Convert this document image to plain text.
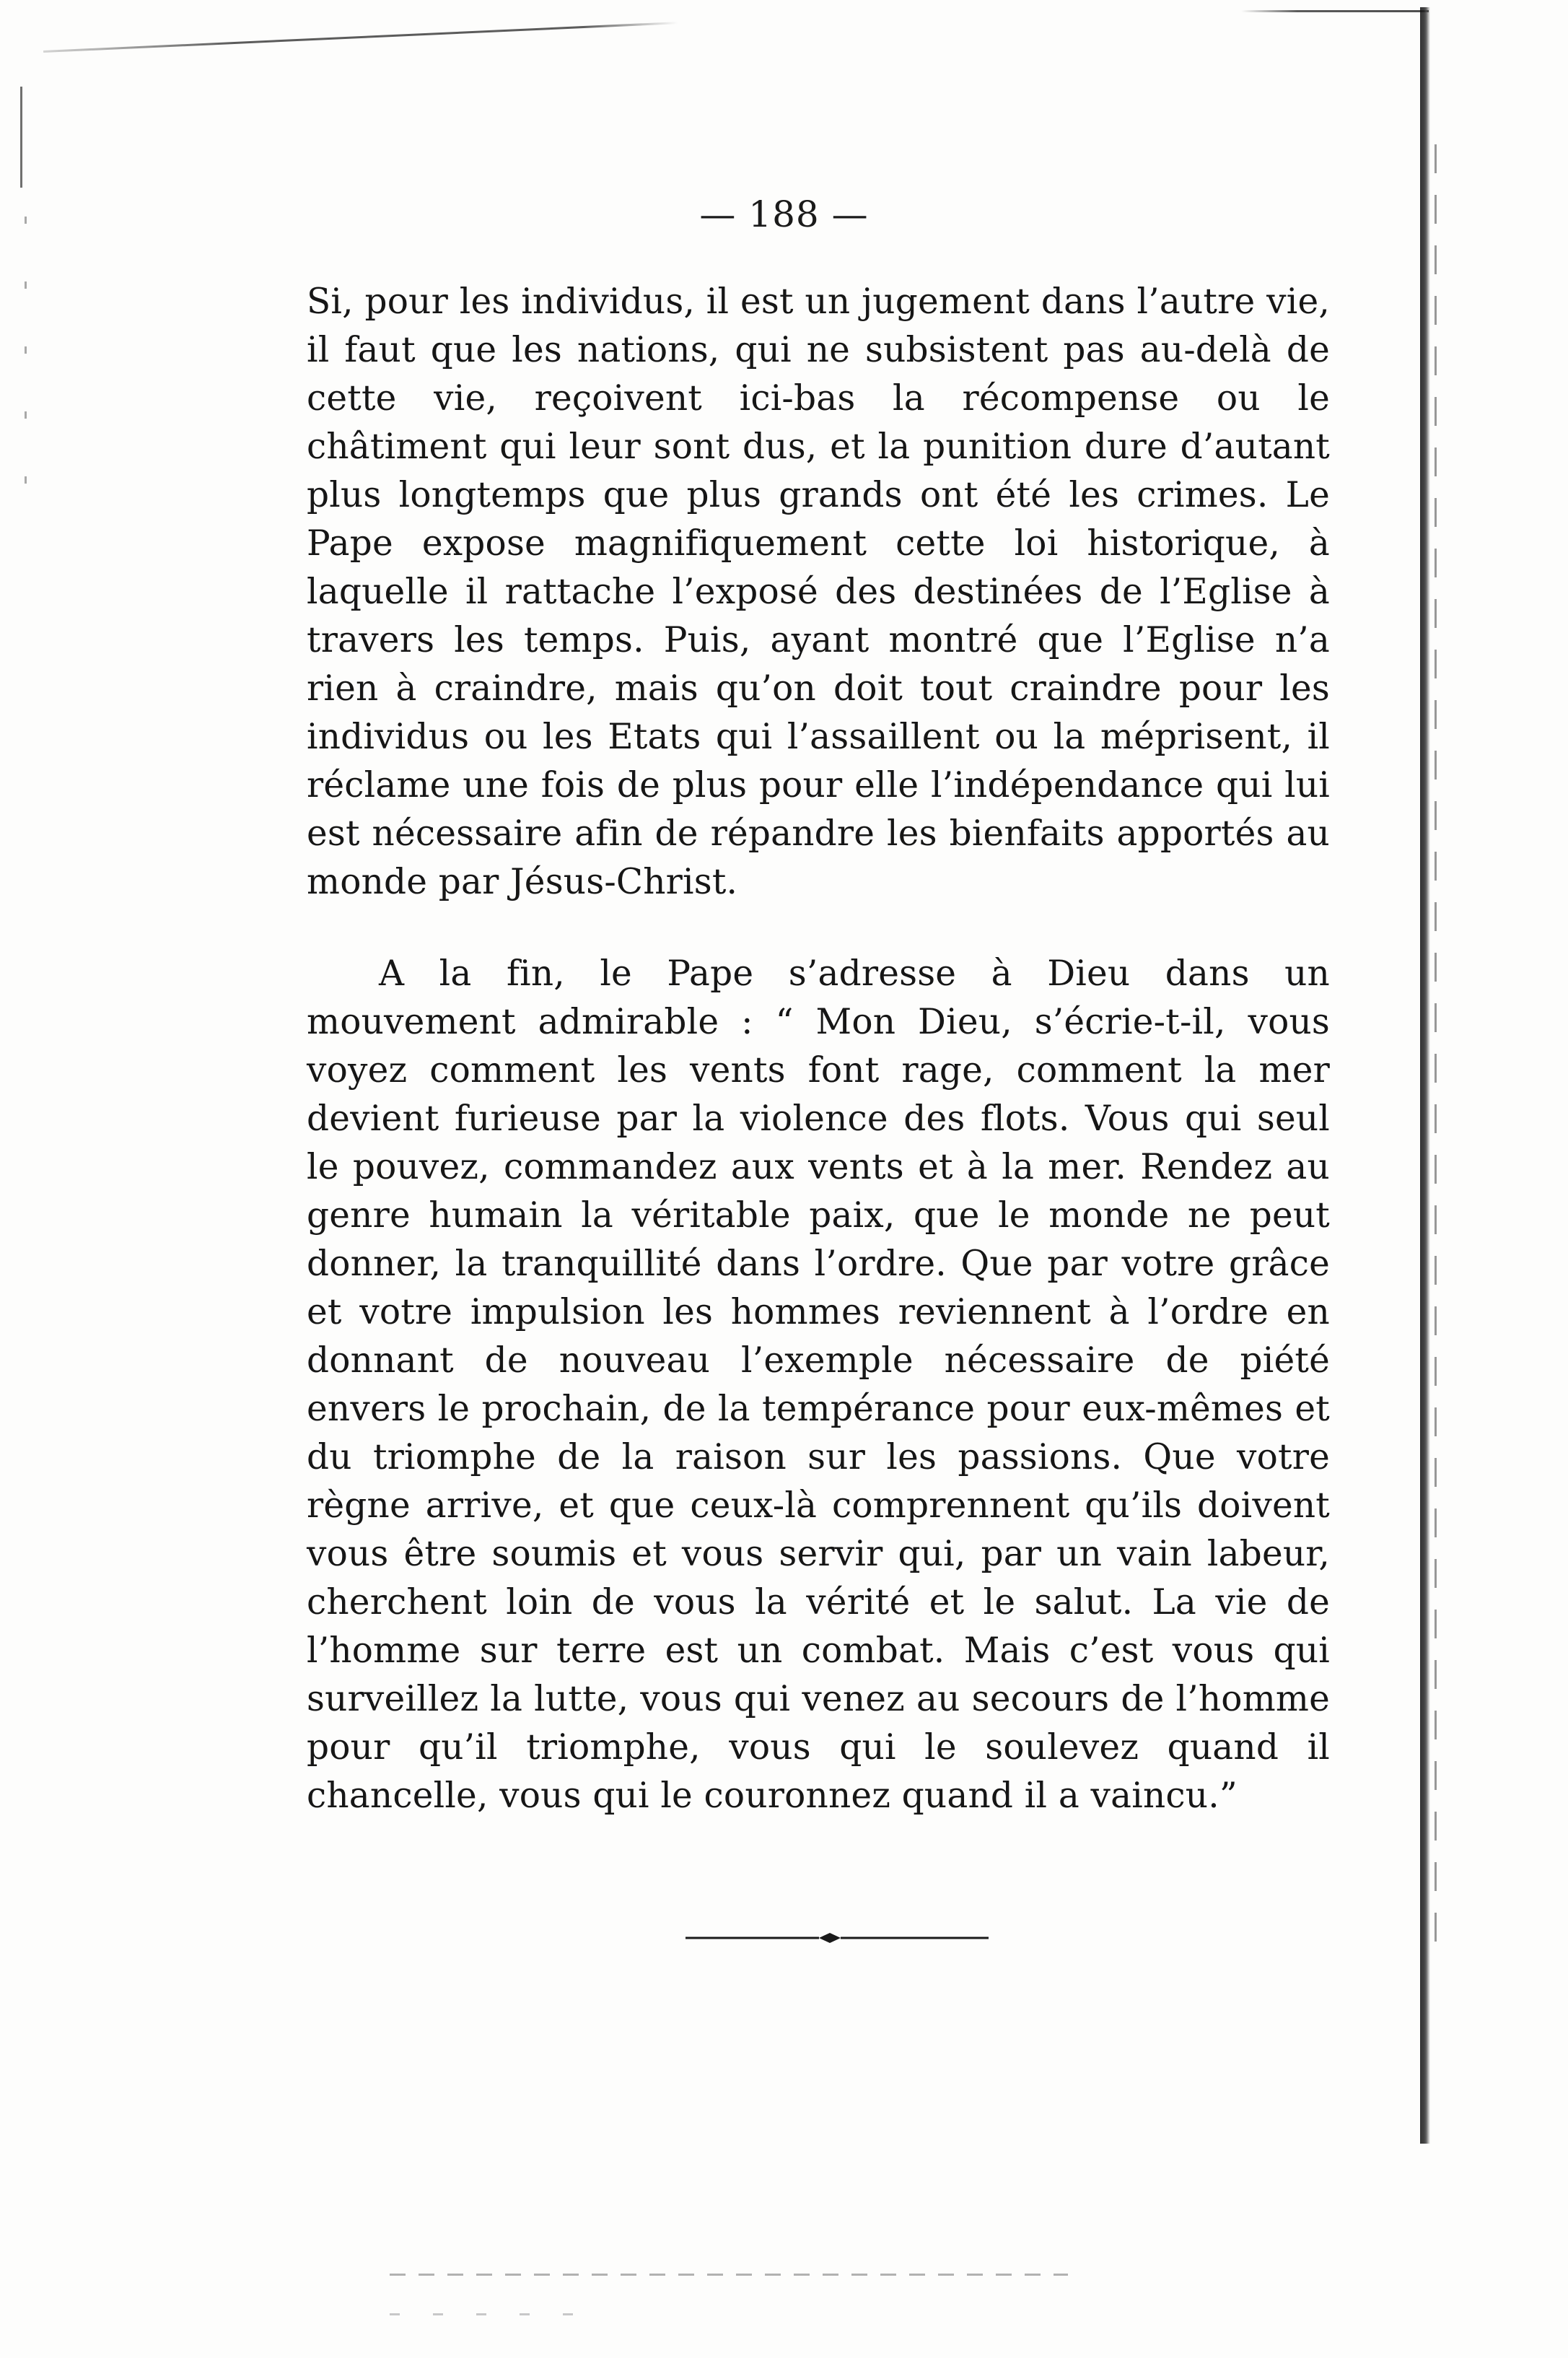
— 188 —

Si, pour les individus, il est un jugement dans l’autre vie, il faut que les nations, qui ne subsistent pas au-delà de cette vie, reçoivent ici-bas la récompense ou le châtiment qui leur sont dus, et la punition dure d’autant plus longtemps que plus grands ont été les crimes. Le Pape expose magnifiquement cette loi historique, à laquelle il rattache l’exposé des destinées de l’Eglise à travers les temps. Puis, ayant montré que l’Eglise n’a rien à craindre, mais qu’on doit tout craindre pour les individus ou les Etats qui l’assaillent ou la méprisent, il réclame une fois de plus pour elle l’indépendance qui lui est nécessaire afin de répandre les bienfaits apportés au monde par Jésus-Christ.

A la fin, le Pape s’adresse à Dieu dans un mouvement admirable : “ Mon Dieu, s’écrie-t-il, vous voyez comment les vents font rage, comment la mer devient furieuse par la violence des flots. Vous qui seul le pouvez, commandez aux vents et à la mer. Rendez au genre humain la véritable paix, que le monde ne peut donner, la tranquillité dans l’ordre. Que par votre grâce et votre impulsion les hommes reviennent à l’ordre en donnant de nouveau l’exemple nécessaire de piété envers le prochain, de la tempérance pour eux-mêmes et du triomphe de la raison sur les passions. Que votre règne arrive, et que ceux-là comprennent qu’ils doivent vous être soumis et vous servir qui, par un vain labeur, cherchent loin de vous la vérité et le salut. La vie de l’homme sur terre est un combat. Mais c’est vous qui surveillez la lutte, vous qui venez au secours de l’homme pour qu’il triomphe, vous qui le soulevez quand il chancelle, vous qui le couronnez quand il a vaincu.”
